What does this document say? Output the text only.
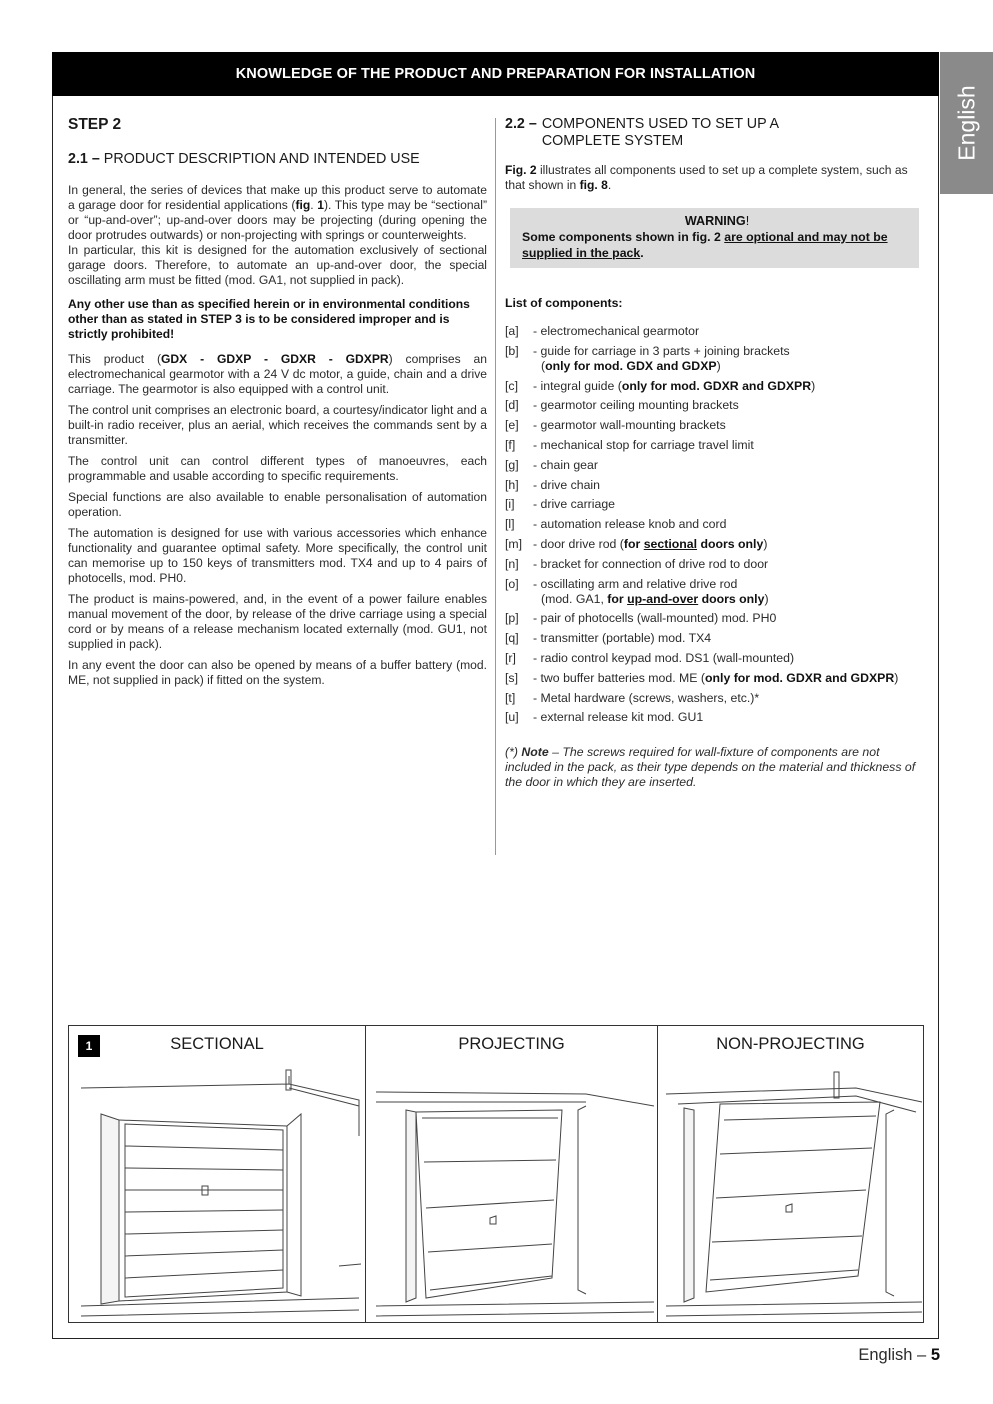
KNOWLEDGE OF THE PRODUCT AND PREPARATION FOR INSTALLATION
English
STEP 2
2.1 – PRODUCT DESCRIPTION AND INTENDED USE

In general, the series of devices that make up this product serve to automate a garage door for residential applications (fig. 1). This type may be “sectional” or “up-and-over”; up-and-over doors may be projecting (during opening the door protrudes outwards) or non-projecting with springs or counterweights.

In particular, this kit is designed for the automation exclusively of sectional garage doors. Therefore, to automate an up-and-over door, the special oscillating arm must be fitted (mod. GA1, not supplied in pack).

Any other use than as specified herein or in environmental conditions other than as stated in STEP 3 is to be considered improper and is strictly prohibited!

This product (GDX - GDXP - GDXR - GDXPR) comprises an electromechanical gearmotor with a 24 V dc motor, a guide, chain and a drive carriage. The gearmotor is also equipped with a control unit.

The control unit comprises an electronic board, a courtesy/indicator light and a built-in radio receiver, plus an aerial, which receives the commands sent by a transmitter.

The control unit can control different types of manoeuvres, each programmable and usable according to specific requirements.

Special functions are also available to enable personalisation of automation operation.

The automation is designed for use with various accessories which enhance functionality and guarantee optimal safety. More specifically, the control unit can memorise up to 150 keys of transmitters mod. TX4 and up to 4 pairs of photocells, mod. PH0.

The product is mains-powered, and, in the event of a power failure enables manual movement of the door, by release of the drive carriage using a special cord or by means of a release mechanism located externally (mod. GU1, not supplied in pack).

In any event the door can also be opened by means of a buffer battery (mod. ME, not supplied in pack) if fitted on the system.

2.2 – COMPONENTS USED TO SET UP A
COMPLETE SYSTEM

Fig. 2 illustrates all components used to set up a complete system, such as that shown in fig. 8.

WARNING!
Some components shown in fig. 2 are optional and may not be
supplied in the pack.
List of components:
[a]	- electromechanical gearmotor
[b]	- guide for carriage in 3 parts + joining brackets
(only for mod. GDX and GDXP)
[c]	- integral guide (only for mod. GDXR and GDXPR)
[d]	- gearmotor ceiling mounting brackets
[e]	- gearmotor wall-mounting brackets
[f]	- mechanical stop for carriage travel limit
[g]	- chain gear
[h]	- drive chain
[i]	- drive carriage
[l]	- automation release knob and cord
[m] - door drive rod (for sectional doors only)
[n]	- bracket for connection of drive rod to door
[o]	- oscillating arm and relative drive rod
(mod. GA1, for up-and-over doors only)
[p]	- pair of photocells (wall-mounted) mod. PH0
[q]	- transmitter (portable) mod. TX4
[r]	- radio control keypad mod. DS1 (wall-mounted)
[s]	- two buffer batteries mod. ME (only for mod. GDXR and GDXPR)
[t]	- Metal hardware (screws, washers, etc.)*
[u]	- external release kit mod. GU1

(*) Note – The screws required for wall-fixture of components are not included in the pack, as their type depends on the material and thickness of the door in which they are inserted.

SECTIONAL	PROJECTING	NON-PROJECTING
1
English – 5
